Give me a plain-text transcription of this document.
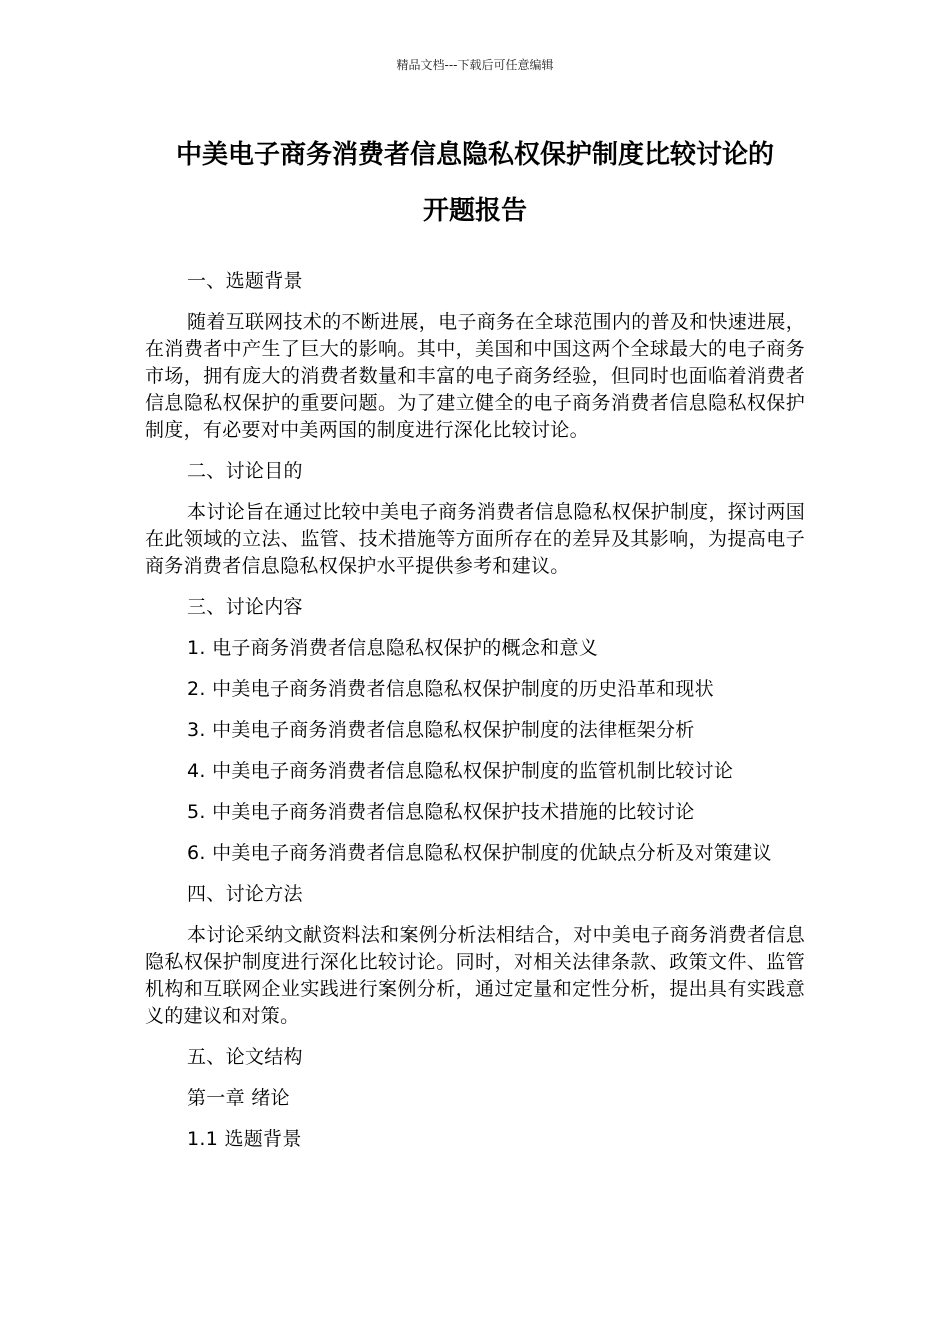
精品文档---下载后可任意编辑
中美电子商务消费者信息隐私权保护制度比较讨论的
开题报告

一、选题背景

随着互联网技术的不断进展，电子商务在全球范围内的普及和快速进展，在消费者中产生了巨大的影响。其中，美国和中国这两个全球最大的电子商务市场，拥有庞大的消费者数量和丰富的电子商务经验，但同时也面临着消费者信息隐私权保护的重要问题。为了建立健全的电子商务消费者信息隐私权保护制度，有必要对中美两国的制度进行深化比较讨论。

二、讨论目的

本讨论旨在通过比较中美电子商务消费者信息隐私权保护制度，探讨两国在此领域的立法、监管、技术措施等方面所存在的差异及其影响，为提高电子商务消费者信息隐私权保护水平提供参考和建议。

三、讨论内容

1. 电子商务消费者信息隐私权保护的概念和意义

2. 中美电子商务消费者信息隐私权保护制度的历史沿革和现状

3. 中美电子商务消费者信息隐私权保护制度的法律框架分析

4. 中美电子商务消费者信息隐私权保护制度的监管机制比较讨论

5. 中美电子商务消费者信息隐私权保护技术措施的比较讨论

6. 中美电子商务消费者信息隐私权保护制度的优缺点分析及对策建议

四、讨论方法

本讨论采纳文献资料法和案例分析法相结合，对中美电子商务消费者信息隐私权保护制度进行深化比较讨论。同时，对相关法律条款、政策文件、监管机构和互联网企业实践进行案例分析，通过定量和定性分析，提出具有实践意义的建议和对策。

五、论文结构

第一章 绪论

1.1 选题背景
